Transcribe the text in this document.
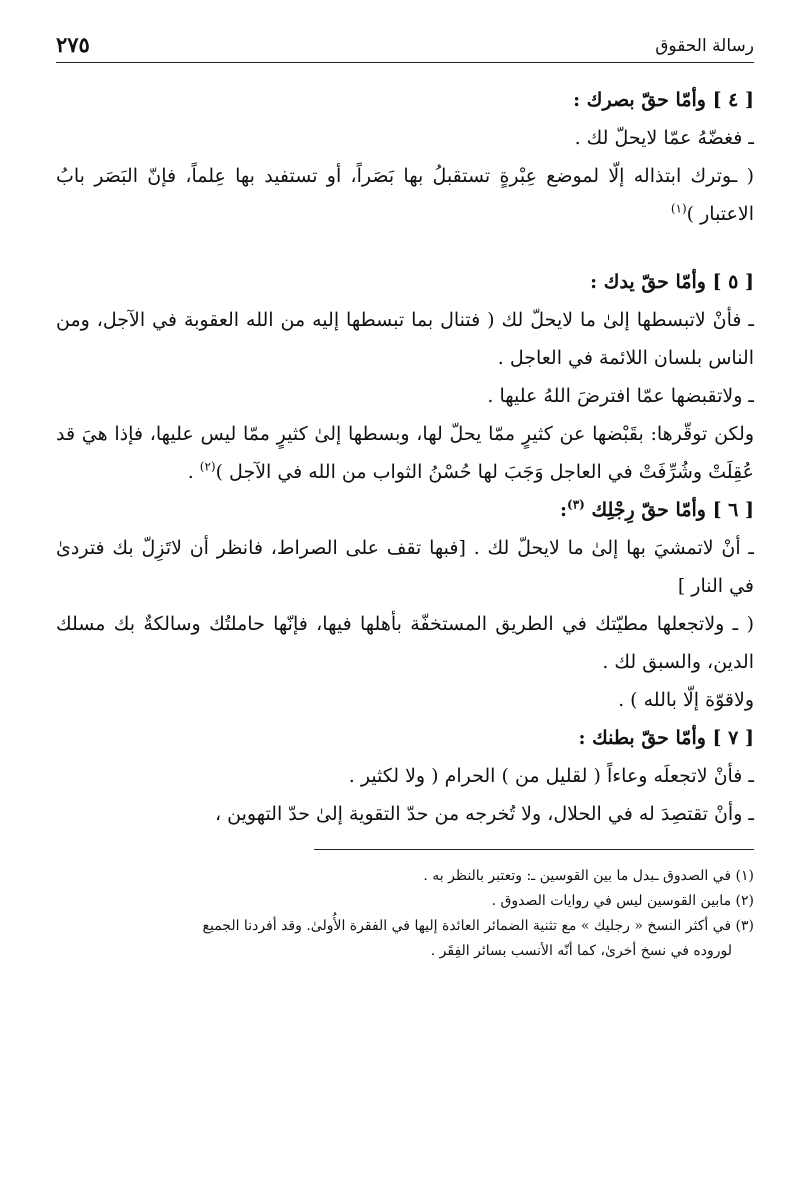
رسالة الحقوق
٢٧٥

[ ٤ ] وأمّا حقّ بصرك :

ـ فغضّهُ عمّا لايحلّ لك .

( ـوترك ابتذاله إلّا لموضع عِبْرةٍ تستقبلُ بها بَصَراً، أو تستفيد بها عِلماً، فإنّ البَصَر بابُ الاعتبار )$^{(١)}$

[ ٥ ] وأمّا حقّ يدك :

ـ فأنْ لاتبسطها إلىٰ ما لايحلّ لك ( فتنال بما تبسطها إليه من الله العقوبة في الآجل، ومن الناس بلسان اللائمة في العاجل .

ـ ولاتقبضها عمّا افترضَ اللهُ عليها .

ولكن توقّرها: بقَبْضها عن كثيرٍ ممّا يحلّ لها، وبسطها إلىٰ كثيرٍ ممّا ليس عليها، فإذا هيَ قد عُقِلَتْ وشُرِّفَتْ في العاجل وَجَبَ لها حُسْنُ الثواب من الله في الآجل )$^{(٢)}$ .

[ ٦ ] وأمّا حقّ رِجْلِك $^{(٣)}$:

ـ أنْ لاتمشيَ بها إلىٰ ما لايحلّ لك . [فبها تقف على الصراط، فانظر أن لاتَزِلّ بك فتردىٰ في النار ]

( ـ ولاتجعلها مطيّتك في الطريق المستخفّة بأهلها فيها، فإنّها حاملتُك وسالكةٌ بك مسلك الدين، والسبق لك .

ولاقوّة إلّا بالله ) .

[ ٧ ] وأمّا حقّ بطنك :

ـ فأنْ لاتجعلَه وعاءاً ( لقليل من ) الحرام ( ولا لكثير .

ـ وأنْ تقتصِدَ له في الحلال، ولا تُخرجه من حدّ التقوية إلىٰ حدّ التهوين ،

(١) في الصدوق ـبدل ما بين القوسين ـ: وتعتبر بالنظر به .

(٢) مابين القوسين ليس في روايات الصدوق .

(٣) في أكثر النسخ « رجليك » مع تثنية الضمائر العائدة إليها في الفقرة الأُولىٰ. وقد أفردنا الجميع

لوروده في نسخ أخرىٰ، كما أنّه الأنسب بسائر الفِقَر .
